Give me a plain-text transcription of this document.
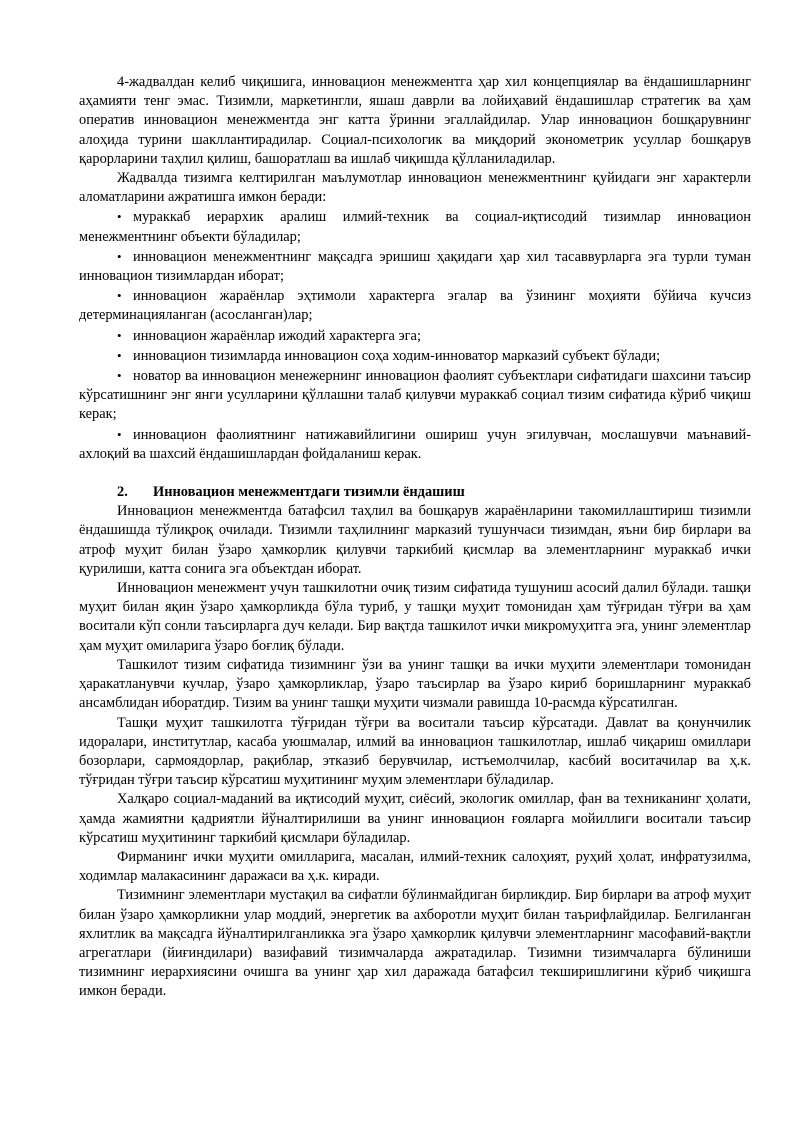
4-жадвалдан келиб чиқишига, инновацион менежментга ҳар хил концепциялар ва ёндашишларнинг аҳамияти тенг эмас. Тизимли, маркетингли, яшаш даврли ва лойиҳавий ёндашишлар стратегик ва ҳам оператив инновацион менежментда энг катта ўринни эгаллайдилар. Улар инновацион бошқарувнинг алоҳида турини шакллантирадилар. Социал-психологик ва миқдорий эконометрик усуллар бошқарув қарорларини таҳлил қилиш, башоратлаш ва ишлаб чиқишда қўлланиладилар.

Жадвалда тизимга келтирилган маълумотлар инновацион менежментнинг қуйидаги энг характерли аломатларини ажратишга имкон беради:

• мураккаб иерархик аралиш илмий-техник ва социал-иқтисодий тизимлар инновацион менежментнинг объекти бўладилар;

• инновацион менежментнинг мақсадга эришиш ҳақидаги ҳар хил тасаввурларга эга турли туман инновацион тизимлардан иборат;

• инновацион жараёнлар эҳтимоли характерга эгалар ва ўзининг моҳияти бўйича кучсиз детерминацияланган (асосланган)лар;

• инновацион жараёнлар ижодий характерга эга;

• инновацион тизимларда инновацион соҳа ходим-инноватор марказий субъект бўлади;

• новатор ва инновацион менежернинг инновацион фаолият субъектлари сифатидаги шахсини таъсир кўрсатишнинг энг янги усулларини қўллашни талаб қилувчи мураккаб социал тизим сифатида кўриб чиқиш керак;

• инновацион фаолиятнинг натижавийлигини ошириш учун эгилувчан, мослашувчи маънавий-ахлоқий ва шахсий ёндашишлардан фойдаланиш керак.

2. Инновацион менежментдаги тизимли ёндашиш

Инновацион менежментда батафсил таҳлил ва бошқарув жараёнларини такомиллаштириш тизимли ёндашишда тўлиқроқ очилади. Тизимли таҳлилнинг марказий тушунчаси тизимдан, яъни бир бирлари ва атроф муҳит билан ўзаро ҳамкорлик қилувчи таркибий қисмлар ва элементларнинг мураккаб ички қурилиши, катта сонига эга объектдан иборат.

Инновацион менежмент учун ташкилотни очиқ тизим сифатида тушуниш асосий далил бўлади. ташқи муҳит билан яқин ўзаро ҳамкорликда бўла туриб, у ташқи муҳит томонидан ҳам тўғридан тўғри ва ҳам воситали кўп сонли таъсирларга дуч келади. Бир вақтда ташкилот ички микромуҳитга эга, унинг элементлар ҳам муҳит омиларига ўзаро боғлиқ бўлади.

Ташкилот тизим сифатида тизимнинг ўзи ва унинг ташқи ва ички муҳити элементлари томонидан ҳаракатланувчи кучлар, ўзаро ҳамкорликлар, ўзаро таъсирлар ва ўзаро кириб боришларнинг мураккаб ансамблидан иборатдир. Тизим ва унинг ташқи муҳити чизмали равишда 10-расмда кўрсатилган.

Ташқи муҳит ташкилотга тўғридан тўғри ва воситали таъсир кўрсатади. Давлат ва қонунчилик идоралари, институтлар, касаба уюшмалар, илмий ва инновацион ташкилотлар, ишлаб чиқариш омиллари бозорлари, сармоядорлар, рақиблар, эткaзиб берувчилар, истъемолчилар, касбий воситачилар ва ҳ.к. тўғридан тўғри таъсир кўрсатиш муҳитининг муҳим элементлари бўладилар.

Халқаро социал-маданий ва иқтисодий муҳит, сиёсий, экологик омиллар, фан ва техниканинг ҳолати, ҳамда жамиятни қадриятли йўналтирилиши ва унинг инновацион ғояларга мойиллиги воситали таъсир кўрсатиш муҳитининг таркибий қисмлари бўладилар.

Фирманинг ички муҳити омилларига, масалан, илмий-техник салоҳият, руҳий ҳолат, инфратузилма, ходимлар малакасининг даражаси ва ҳ.к. киради.

Тизимнинг элементлари мустақил ва сифатли бўлинмайдиган бирликдир. Бир бирлари ва атроф муҳит билан ўзаро ҳамкорликни улар моддий, энергетик ва ахборотли муҳит билан таърифлайдилар. Белгиланган яхлитлик ва мақсадга йўналтирилганликка эга ўзаро ҳамкорлик қилувчи элементларнинг масофавий-вақтли агрегатлари (йиғиндилари) вазифавий тизимчаларда ажратадилар. Тизимни тизимчаларга бўлиниши тизимнинг иерархиясини очишга ва унинг ҳар хил даражада батафсил текширишлигини кўриб чиқишга имкон беради.
